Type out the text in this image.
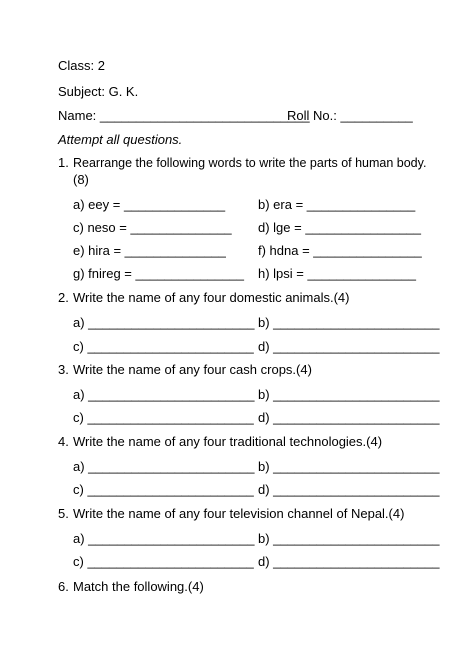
Class: 2
Subject: G. K.
Name: _____________________________
Roll No.: __________
Attempt all questions.
1. Rearrange the following words to write the parts of human body.
(8)
a) eey = ______________	b) era = _______________
c) neso = ______________ d) lge = ________________
e) hira = ______________ f) hdna = _______________
g) fnireg = _______________ h) lpsi = _______________
2. Write the name of any four domestic animals.(4)
a) _______________________ b) _______________________
c) _______________________ d) _______________________
3. Write the name of any four cash crops.(4)
a) _______________________ b) _______________________
c) _______________________ d) _______________________
4. Write the name of any four traditional technologies.(4)
a) _______________________ b) _______________________
c) _______________________ d) _______________________
5. Write the name of any four television channel of Nepal.(4)
a) _______________________ b) _______________________
c) _______________________ d) _______________________
6. Match the following.(4)
